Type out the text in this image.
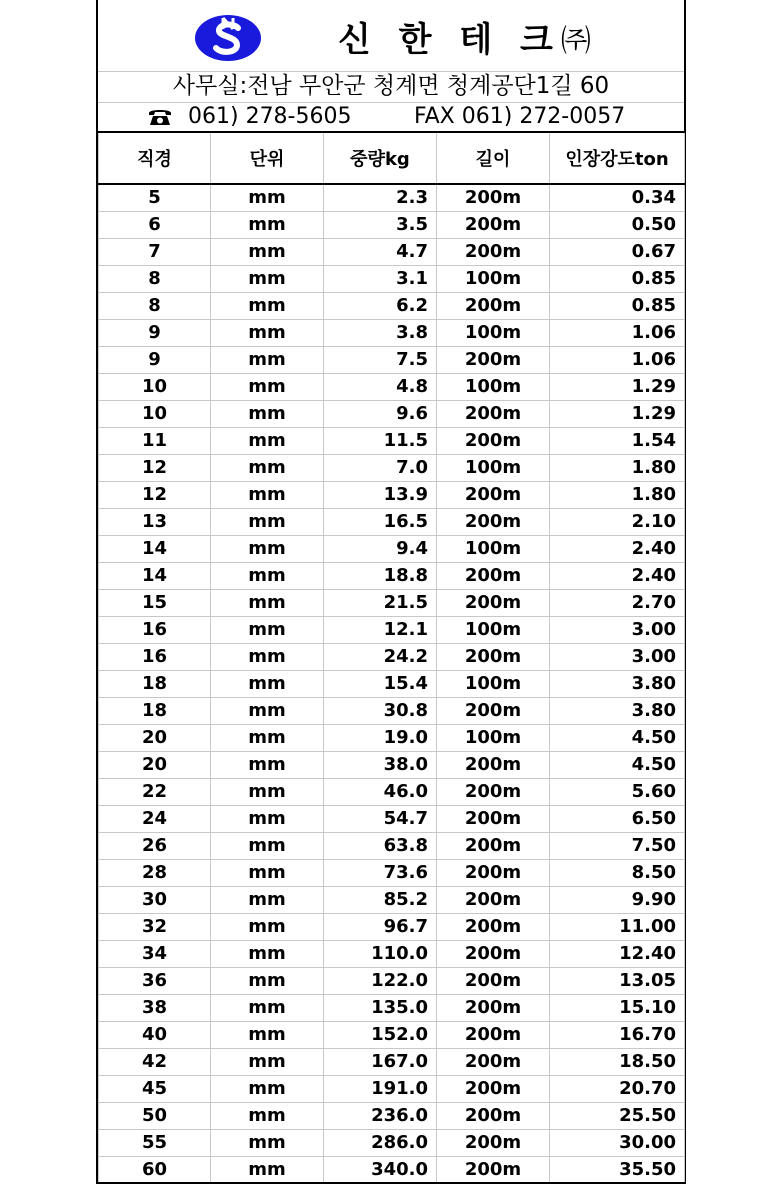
신 한 테 크㈜
사무실:전남 무안군 청계면 청계공단1길 60
061) 278-5605	FAX 061) 272-0057
직경	단위	중량kg	길이	인장강도ton
5	mm	2.3	200m	0.34
6	mm	3.5	200m	0.50
7	mm	4.7	200m	0.67
8	mm	3.1	100m	0.85
8	mm	6.2	200m	0.85
9	mm	3.8	100m	1.06
9	mm	7.5	200m	1.06
10	mm	4.8	100m	1.29
10	mm	9.6	200m	1.29
11	mm	11.5	200m	1.54
12	mm	7.0	100m	1.80
12	mm	13.9	200m	1.80
13	mm	16.5	200m	2.10
14	mm	9.4	100m	2.40
14	mm	18.8	200m	2.40
15	mm	21.5	200m	2.70
16	mm	12.1	100m	3.00
16	mm	24.2	200m	3.00
18	mm	15.4	100m	3.80
18	mm	30.8	200m	3.80
20	mm	19.0	100m	4.50
20	mm	38.0	200m	4.50
22	mm	46.0	200m	5.60
24	mm	54.7	200m	6.50
26	mm	63.8	200m	7.50
28	mm	73.6	200m	8.50
30	mm	85.2	200m	9.90
32	mm	96.7	200m	11.00
34	mm	110.0	200m	12.40
36	mm	122.0	200m	13.05
38	mm	135.0	200m	15.10
40	mm	152.0	200m	16.70
42	mm	167.0	200m	18.50
45	mm	191.0	200m	20.70
50	mm	236.0	200m	25.50
55	mm	286.0	200m	30.00
60	mm	340.0	200m	35.50
